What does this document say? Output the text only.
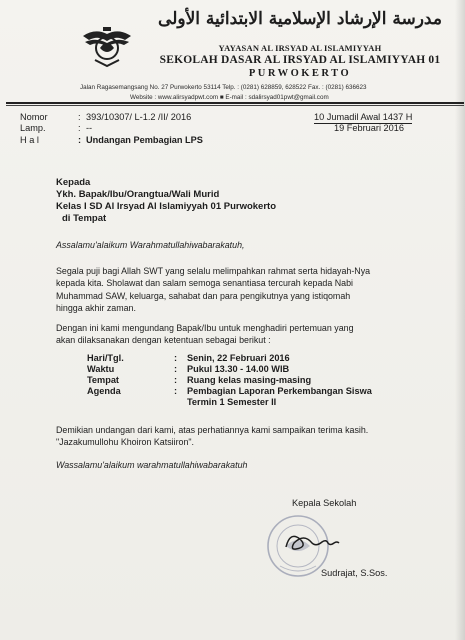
مدرسة الإرشاد الإسلامية الابتدائية الأولى
YAYASAN AL IRSYAD AL ISLAMIYYAH
SEKOLAH DASAR AL IRSYAD AL ISLAMIYYAH 01
PURWOKERTO
Jalan Ragasemangsang No. 27 Purwokerto 53114 Telp. : (0281) 628859, 628522 Fax. : (0281) 636623
Website : www.alirsyadpwt.com ■ E-mail : sdalirsyad01pwt@gmail.com
Nomor	: 393/10307/ L-1.2 /II/ 2016
Lamp.	: --
H a l	: Undangan Pembagian LPS
10 Jumadil Awal 1437 H
19 Februari 2016
Kepada
Ykh. Bapak/Ibu/Orangtua/Wali Murid
Kelas I SD Al Irsyad Al Islamiyyah 01 Purwokerto
di Tempat
Assalamu'alaikum Warahmatullahiwabarakatuh,
Segala puji bagi Allah SWT yang selalu melimpahkan rahmat serta hidayah-Nya
kepada kita. Sholawat dan salam semoga senantiasa tercurah kepada Nabi
Muhammad SAW, keluarga, sahabat dan para pengikutnya yang istiqomah
hingga akhir zaman.
Dengan ini kami mengundang Bapak/Ibu untuk menghadiri pertemuan yang
akan dilaksanakan dengan ketentuan sebagai berikut :
Hari/Tgl.	: Senin, 22 Februari 2016
Waktu	: Pukul 13.30 - 14.00 WIB
Tempat	: Ruang kelas masing-masing
Agenda	: Pembagian Laporan Perkembangan Siswa
Termin 1 Semester II
Demikian undangan dari kami, atas perhatiannya kami sampaikan terima kasih.
"Jazakumullohu Khoiron Katsiiron".
Wassalamu'alaikum warahmatullahiwabarakatuh
Kepala Sekolah
Sudrajat, S.Sos.
